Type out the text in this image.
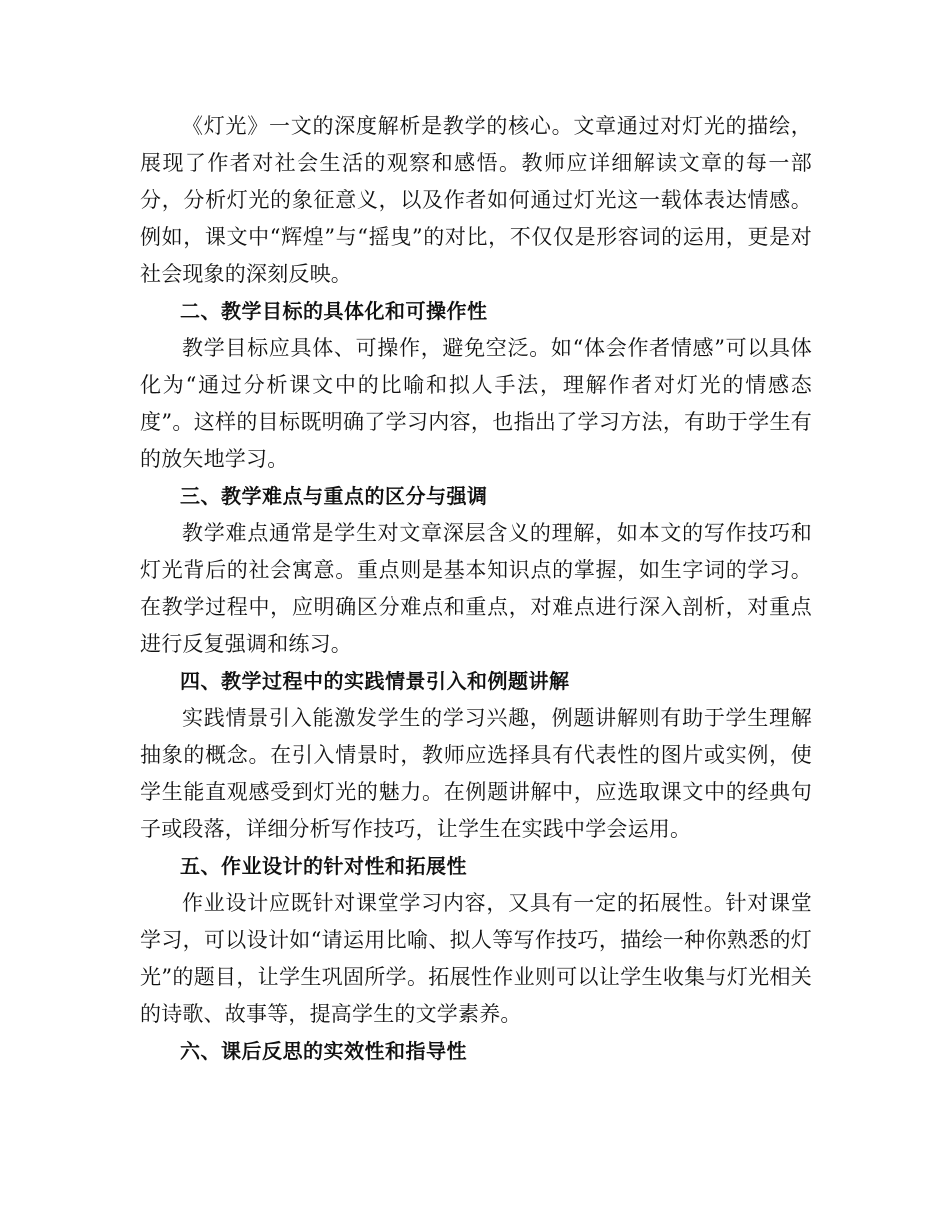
《灯光》一文的深度解析是教学的核心。文章通过对灯光的描绘，展现了作者对社会生活的观察和感悟。教师应详细解读文章的每一部分，分析灯光的象征意义，以及作者如何通过灯光这一载体表达情感。例如，课文中“辉煌”与“摇曳”的对比，不仅仅是形容词的运用，更是对社会现象的深刻反映。

二、教学目标的具体化和可操作性

教学目标应具体、可操作，避免空泛。如“体会作者情感”可以具体化为“通过分析课文中的比喻和拟人手法，理解作者对灯光的情感态度”。这样的目标既明确了学习内容，也指出了学习方法，有助于学生有的放矢地学习。

三、教学难点与重点的区分与强调

教学难点通常是学生对文章深层含义的理解，如本文的写作技巧和灯光背后的社会寓意。重点则是基本知识点的掌握，如生字词的学习。在教学过程中，应明确区分难点和重点，对难点进行深入剖析，对重点进行反复强调和练习。

四、教学过程中的实践情景引入和例题讲解

实践情景引入能激发学生的学习兴趣，例题讲解则有助于学生理解抽象的概念。在引入情景时，教师应选择具有代表性的图片或实例，使学生能直观感受到灯光的魅力。在例题讲解中，应选取课文中的经典句子或段落，详细分析写作技巧，让学生在实践中学会运用。

五、作业设计的针对性和拓展性

作业设计应既针对课堂学习内容，又具有一定的拓展性。针对课堂学习，可以设计如“请运用比喻、拟人等写作技巧，描绘一种你熟悉的灯光”的题目，让学生巩固所学。拓展性作业则可以让学生收集与灯光相关的诗歌、故事等，提高学生的文学素养。

六、课后反思的实效性和指导性
